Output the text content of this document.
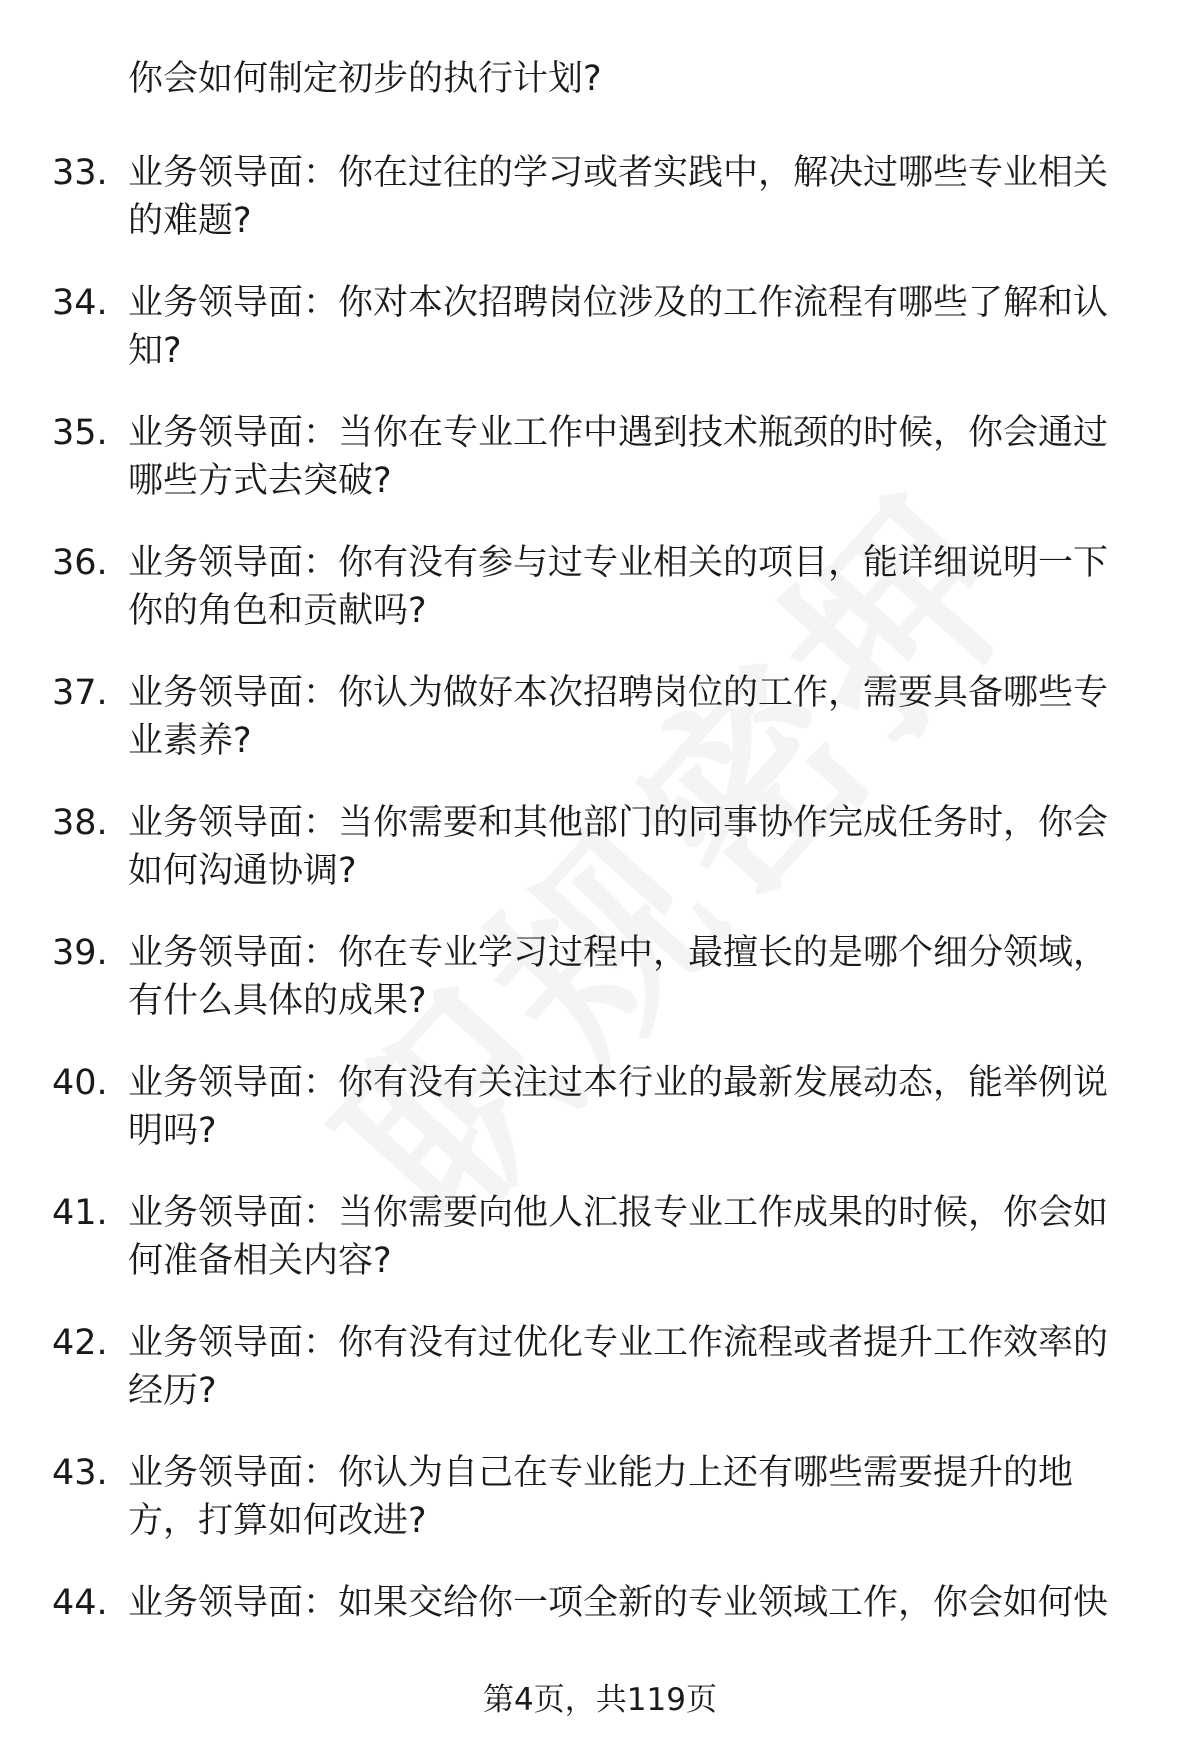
你会如何制定初步的执行计划?
33. 业务领导面：你在过往的学习或者实践中，解决过哪些专业相关的难题?
34. 业务领导面：你对本次招聘岗位涉及的工作流程有哪些了解和认知?
35. 业务领导面：当你在专业工作中遇到技术瓶颈的时候，你会通过哪些方式去突破?
36. 业务领导面：你有没有参与过专业相关的项目，能详细说明一下你的角色和贡献吗?
37. 业务领导面：你认为做好本次招聘岗位的工作，需要具备哪些专业素养?
38. 业务领导面：当你需要和其他部门的同事协作完成任务时，你会如何沟通协调?
39. 业务领导面：你在专业学习过程中，最擅长的是哪个细分领域，有什么具体的成果?
40. 业务领导面：你有没有关注过本行业的最新发展动态，能举例说明吗?
41. 业务领导面：当你需要向他人汇报专业工作成果的时候，你会如何准备相关内容?
42. 业务领导面：你有没有过优化专业工作流程或者提升工作效率的经历?
43. 业务领导面：你认为自己在专业能力上还有哪些需要提升的地方，打算如何改进?
44. 业务领导面：如果交给你一项全新的专业领域工作，你会如何快
第4页，共119页
